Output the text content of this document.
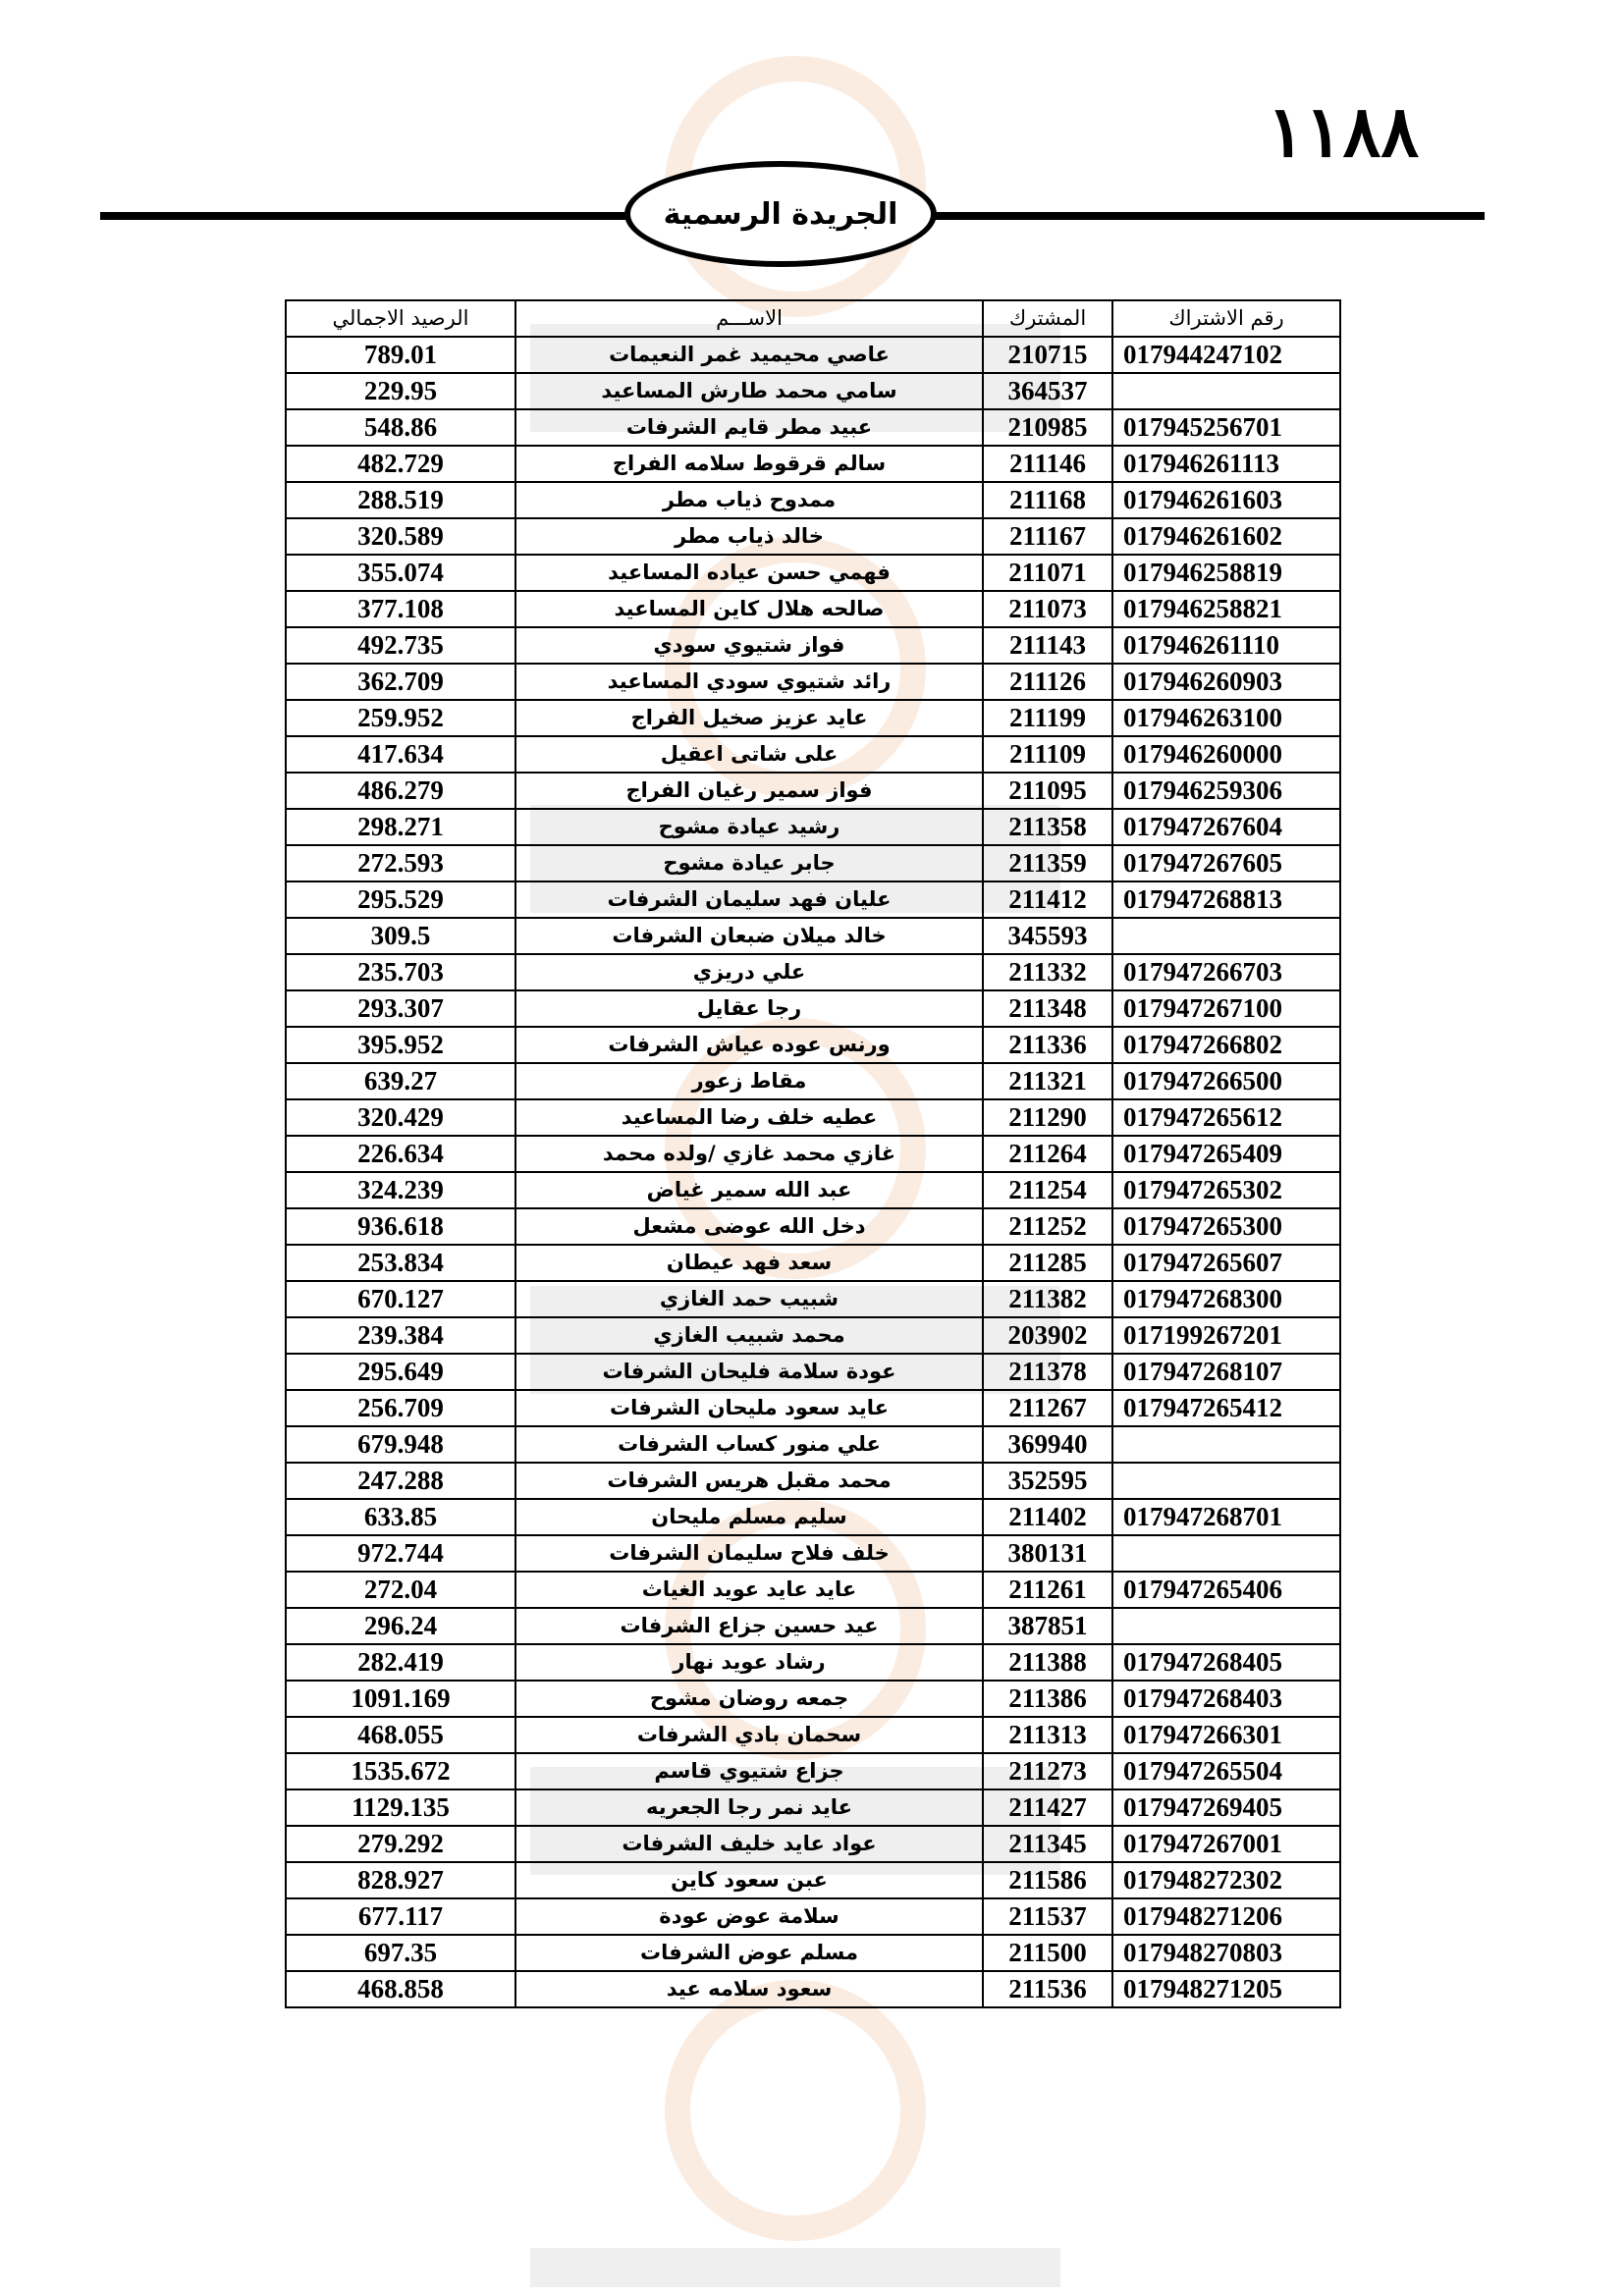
١١٨٨
الجريدة الرسمية
رقم الاشتراك	المشترك	الاســـم	الرصيد الاجمالي
017944247102	210715	عاصي محيميد غمر النعيمات	789.01
	364537	سامي محمد طارش المساعيد	229.95
017945256701	210985	عبيد مطر قايم الشرفات	548.86
017946261113	211146	سالم قرقوط سلامه الفراج	482.729
017946261603	211168	ممدوح ذياب مطر	288.519
017946261602	211167	خالد ذياب مطر	320.589
017946258819	211071	فهمي حسن عياده المساعيد	355.074
017946258821	211073	صالحه هلال كاين المساعيد	377.108
017946261110	211143	فواز شتيوي سودي	492.735
017946260903	211126	رائد شتيوي سودي المساعيد	362.709
017946263100	211199	عايد عزيز صخيل الفراج	259.952
017946260000	211109	على شاتى اعقيل	417.634
017946259306	211095	فواز سمير رغيان الفراج	486.279
017947267604	211358	رشيد عيادة مشوح	298.271
017947267605	211359	جابر عيادة مشوح	272.593
017947268813	211412	عليان فهد سليمان الشرفات	295.529
	345593	خالد ميلان ضبعان الشرفات	309.5
017947266703	211332	علي دريزي	235.703
017947267100	211348	رجا عقايل	293.307
017947266802	211336	ورنس عوده عياش الشرفات	395.952
017947266500	211321	مقاط زعور	639.27
017947265612	211290	عطيه خلف رضا المساعيد	320.429
017947265409	211264	غازي محمد غازي /ولده محمد	226.634
017947265302	211254	عبد الله سمير غياض	324.239
017947265300	211252	دخل الله عوضى مشعل	936.618
017947265607	211285	سعد فهد عيطان	253.834
017947268300	211382	شبيب حمد الغازي	670.127
017199267201	203902	محمد شبيب الغازي	239.384
017947268107	211378	عودة سلامة فليحان الشرفات	295.649
017947265412	211267	عايد سعود مليحان الشرفات	256.709
	369940	علي منور كساب الشرفات	679.948
	352595	محمد مقبل هريس الشرفات	247.288
017947268701	211402	سليم مسلم مليحان	633.85
	380131	خلف فلاح سليمان الشرفات	972.744
017947265406	211261	عايد عايد عويد الغياث	272.04
	387851	عيد حسين جزاع الشرفات	296.24
017947268405	211388	رشاد عويد نهار	282.419
017947268403	211386	جمعه روضان مشوح	1091.169
017947266301	211313	سحمان بادي الشرفات	468.055
017947265504	211273	جزاع شتيوي قاسم	1535.672
017947269405	211427	عايد نمر رجا الجعريه	1129.135
017947267001	211345	عواد عايد خليف الشرفات	279.292
017948272302	211586	عبن سعود كاين	828.927
017948271206	211537	سلامة عوض عودة	677.117
017948270803	211500	مسلم عوض الشرفات	697.35
017948271205	211536	سعود سلامه عيد	468.858
